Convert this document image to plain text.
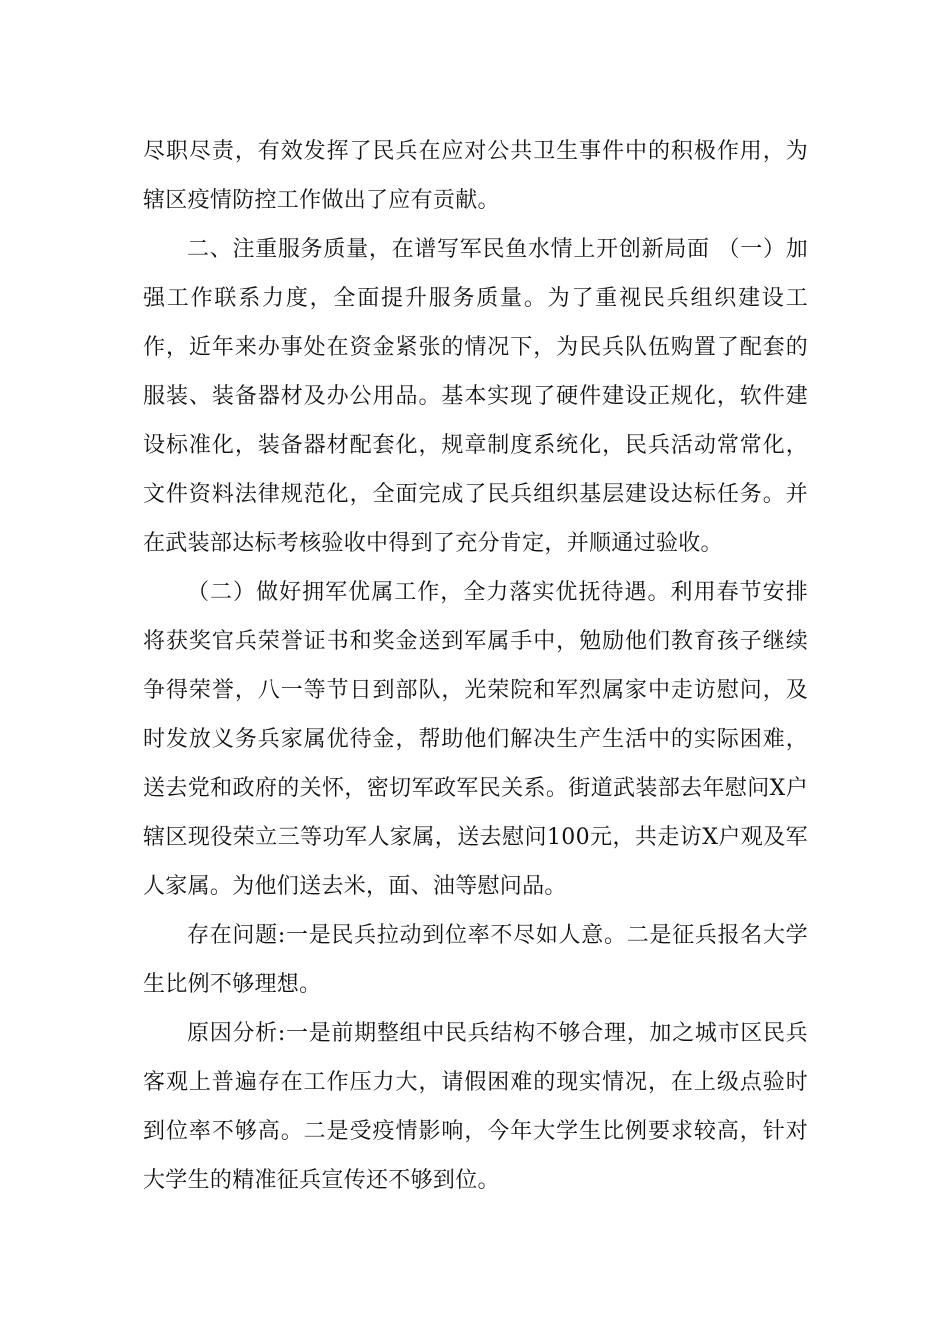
尽职尽责，有效发挥了民兵在应对公共卫生事件中的积极作用，为辖区疫情防控工作做出了应有贡献。

二、注重服务质量，在谱写军民鱼水情上开创新局面 （一）加强工作联系力度，全面提升服务质量。为了重视民兵组织建设工作，近年来办事处在资金紧张的情况下，为民兵队伍购置了配套的服装、装备器材及办公用品。基本实现了硬件建设正规化，软件建设标准化，装备器材配套化，规章制度系统化，民兵活动常常化，文件资料法律规范化，全面完成了民兵组织基层建设达标任务。并在武装部达标考核验收中得到了充分肯定，并顺通过验收。

（二）做好拥军优属工作，全力落实优抚待遇。利用春节安排将获奖官兵荣誉证书和奖金送到军属手中，勉励他们教育孩子继续争得荣誉，八一等节日到部队，光荣院和军烈属家中走访慰问，及时发放义务兵家属优待金，帮助他们解决生产生活中的实际困难，送去党和政府的关怀，密切军政军民关系。街道武装部去年慰问X户辖区现役荣立三等功军人家属，送去慰问100元，共走访X户观及军人家属。为他们送去米，面、油等慰问品。

存在问题:一是民兵拉动到位率不尽如人意。二是征兵报名大学生比例不够理想。

原因分析:一是前期整组中民兵结构不够合理，加之城市区民兵客观上普遍存在工作压力大，请假困难的现实情况，在上级点验时到位率不够高。二是受疫情影响，今年大学生比例要求较高，针对大学生的精准征兵宣传还不够到位。
